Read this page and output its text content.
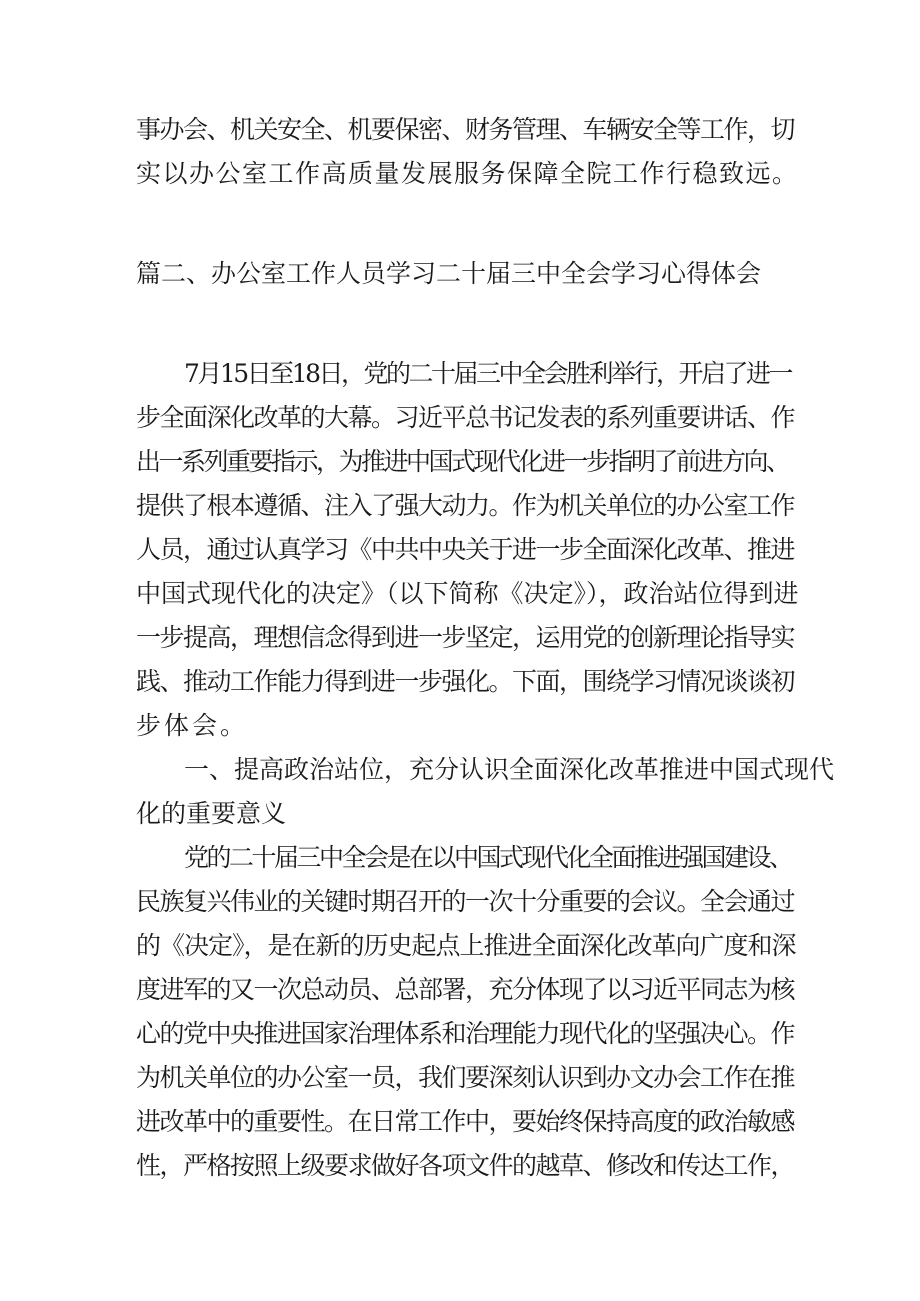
事办会、机关安全、机要保密、财务管理、车辆安全等工作，切
实以办公室工作高质量发展服务保障全院工作行稳致远。
篇二、办公室工作人员学习二十届三中全会学习心得体会
7月15日至18日，党的二十届三中全会胜利举行，开启了进一
步全面深化改革的大幕。习近平总书记发表的系列重要讲话、作
出一系列重要指示，为推进中国式现代化进一步指明了前进方向、
提供了根本遵循、注入了强大动力。作为机关单位的办公室工作
人员，通过认真学习《中共中央关于进一步全面深化改革、推进
中国式现代化的决定》（以下简称《决定》），政治站位得到进
一步提高，理想信念得到进一步坚定，运用党的创新理论指导实
践、推动工作能力得到进一步强化。下面，围绕学习情况谈谈初
步体会。
一、提高政治站位，充分认识全面深化改革推进中国式现代
化的重要意义
党的二十届三中全会是在以中国式现代化全面推进强国建设、
民族复兴伟业的关键时期召开的一次十分重要的会议。全会通过
的《决定》，是在新的历史起点上推进全面深化改革向广度和深
度进军的又一次总动员、总部署，充分体现了以习近平同志为核
心的党中央推进国家治理体系和治理能力现代化的坚强决心。作
为机关单位的办公室一员，我们要深刻认识到办文办会工作在推
进改革中的重要性。在日常工作中，要始终保持高度的政治敏感
性，严格按照上级要求做好各项文件的越草、修改和传达工作，
